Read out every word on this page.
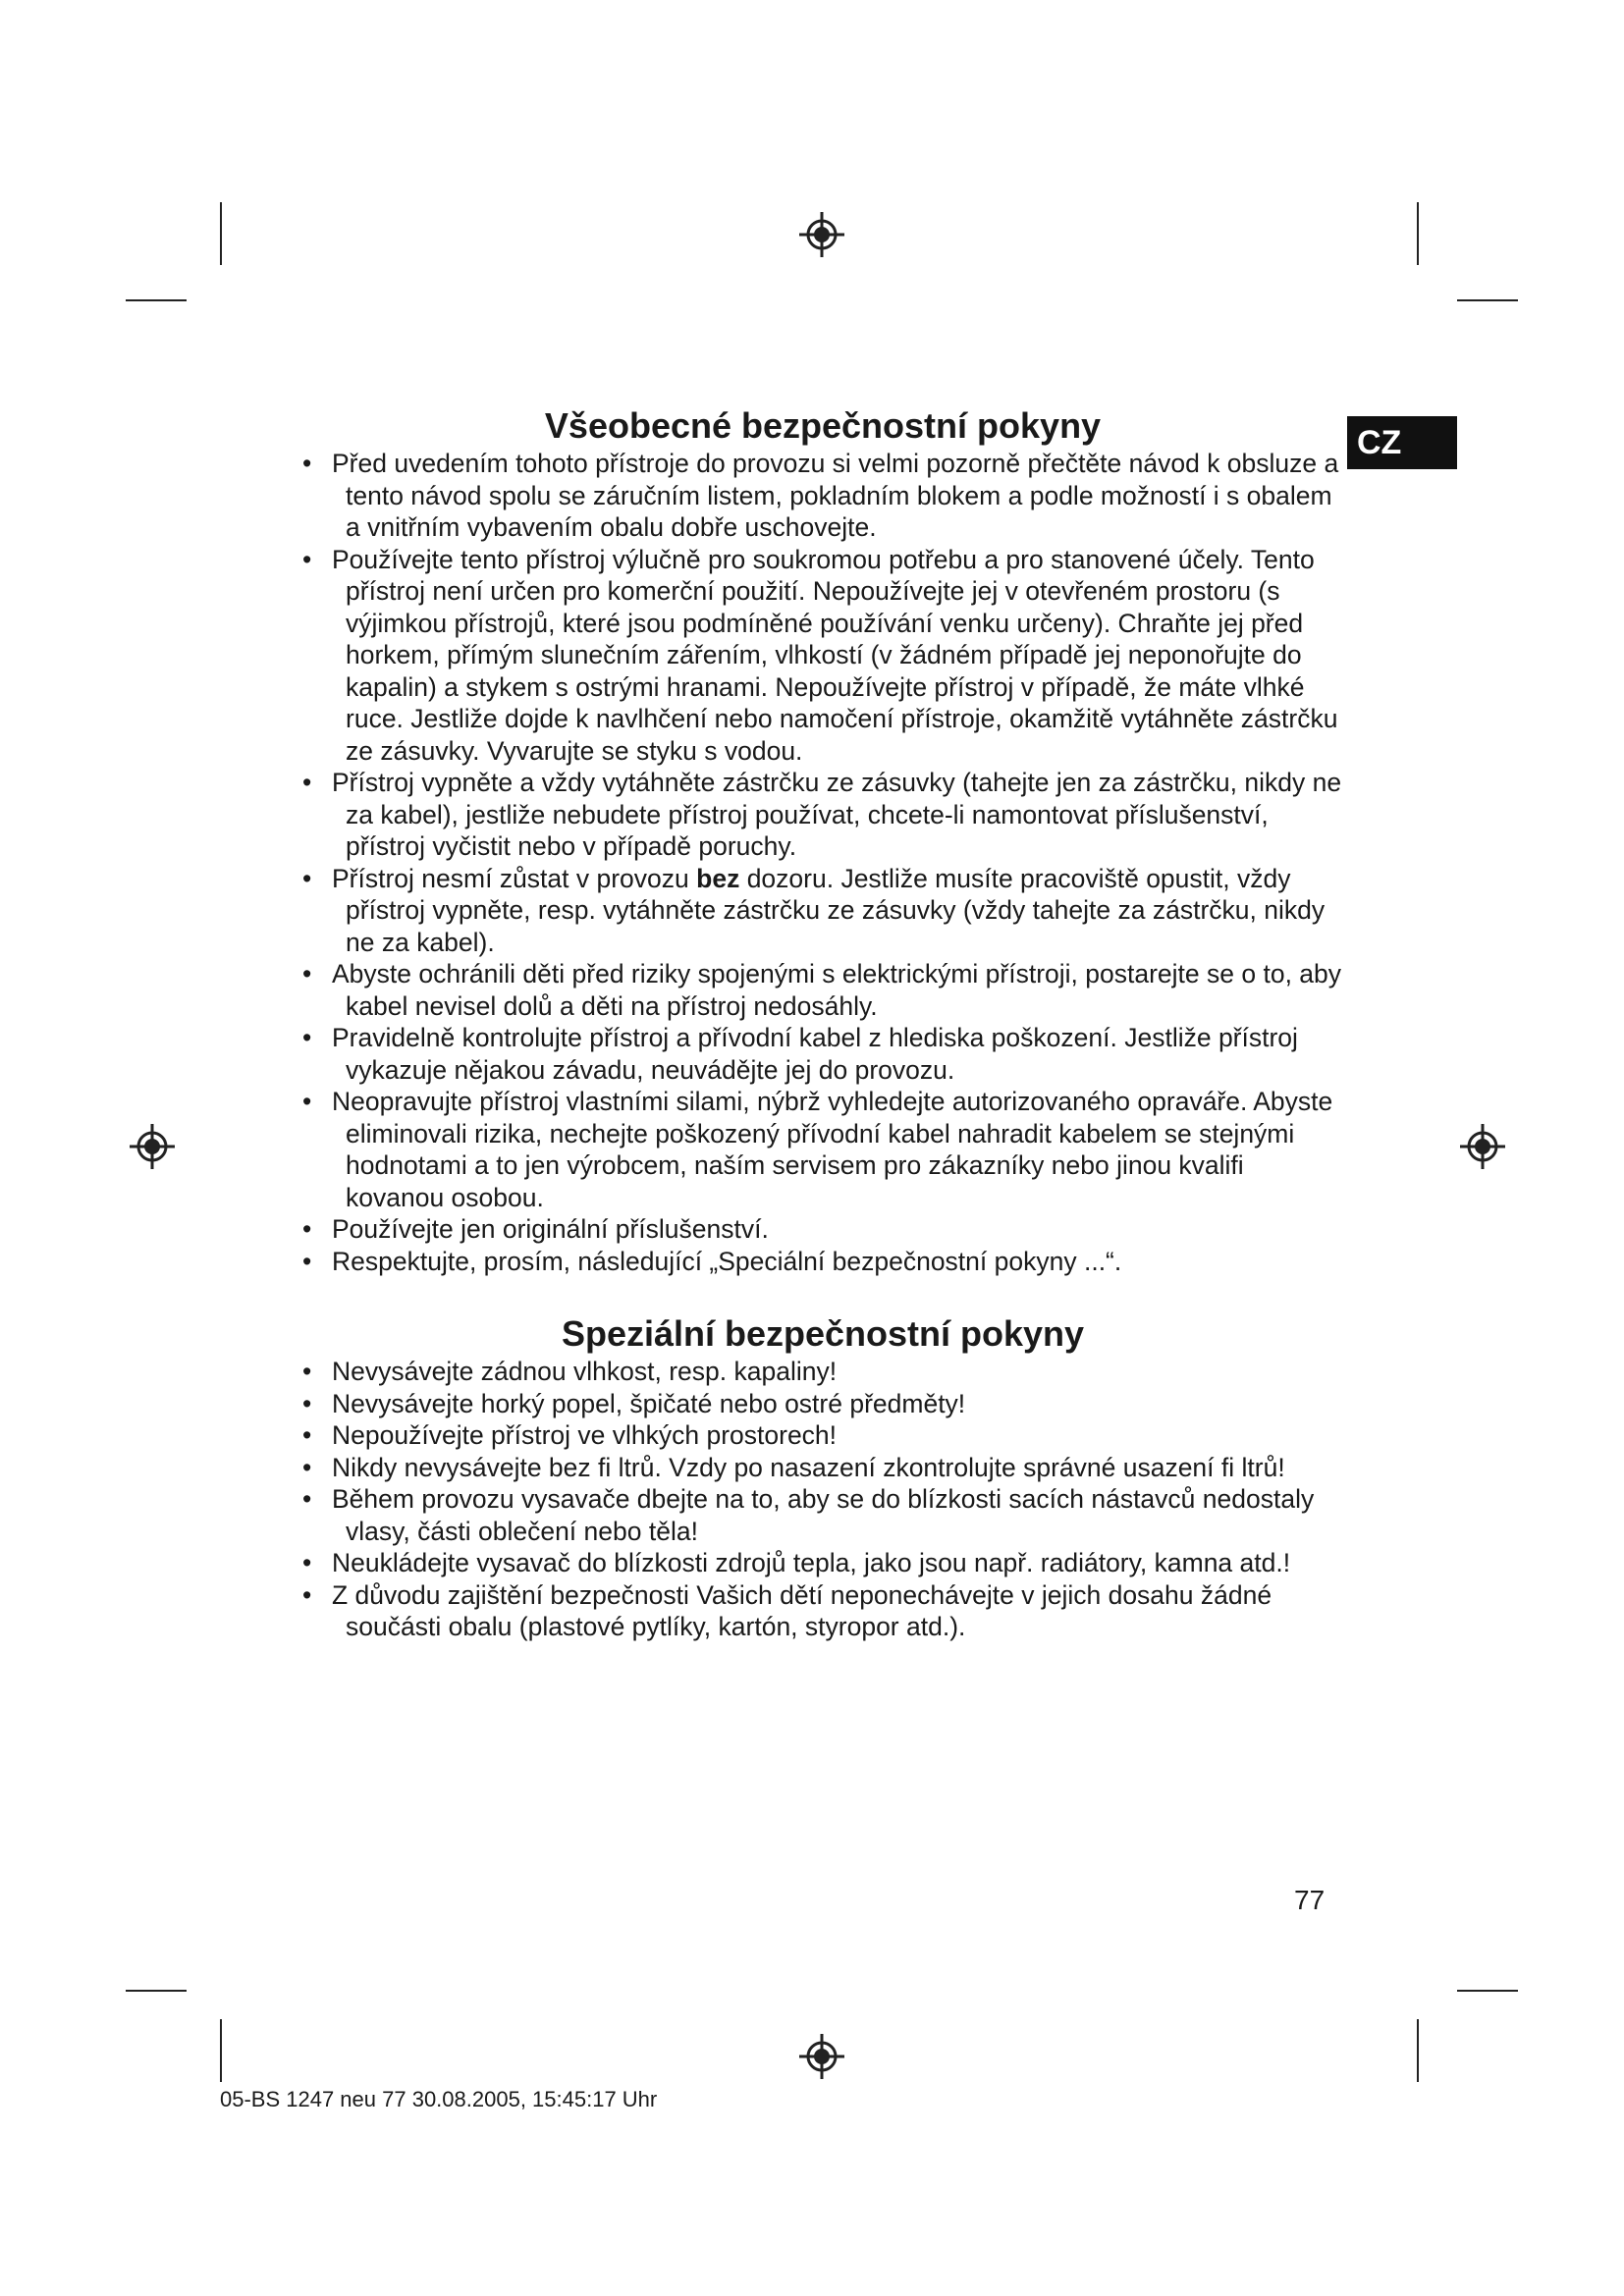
CZ
Všeobecné bezpečnostní pokyny
• Před uvedením tohoto přístroje do provozu si velmi pozorně přečtěte návod k obsluze a tento návod spolu se záručním listem, pokladním blokem a podle možností i s obalem a vnitřním vybavením obalu dobře uschovejte.
• Používejte tento přístroj výlučně pro soukromou potřebu a pro stanovené účely. Tento přístroj není určen pro komerční použití. Nepoužívejte jej v otevřeném prostoru (s výjimkou přístrojů, které jsou podmíněné používání venku určeny). Chraňte jej před horkem, přímým slunečním zářením, vlhkostí (v žádném případě jej neponořujte do kapalin) a stykem s ostrými hranami. Nepoužívejte přístroj v případě, že máte vlhké ruce. Jestliže dojde k navlhčení nebo namočení přístroje, okamžitě vytáhněte zástrčku ze zásuvky. Vyvarujte se styku s vodou.
• Přístroj vypněte a vždy vytáhněte zástrčku ze zásuvky (tahejte jen za zástrčku, nikdy ne za kabel), jestliže nebudete přístroj používat, chcete-li namontovat příslušenství, přístroj vyčistit nebo v případě poruchy.
• Přístroj nesmí zůstat v provozu bez dozoru. Jestliže musíte pracoviště opustit, vždy přístroj vypněte, resp. vytáhněte zástrčku ze zásuvky (vždy tahejte za zástrčku, nikdy ne za kabel).
• Abyste ochránili děti před riziky spojenými s elektrickými přístroji, postarejte se o to, aby kabel nevisel dolů a děti na přístroj nedosáhly.
• Pravidelně kontrolujte přístroj a přívodní kabel z hlediska poškození. Jestliže přístroj vykazuje nějakou závadu, neuvádějte jej do provozu.
• Neopravujte přístroj vlastními silami, nýbrž vyhledejte autorizovaného opraváře. Abyste eliminovali rizika, nechejte poškozený přívodní kabel nahradit kabelem se stejnými hodnotami a to jen výrobcem, naším servisem pro zákazníky nebo jinou kvalifi kovanou osobou.
• Používejte jen originální příslušenství.
• Respektujte, prosím, následující „Speciální bezpečnostní pokyny ...“.
Speziální bezpečnostní pokyny
• Nevysávejte zádnou vlhkost, resp. kapaliny!
• Nevysávejte horký popel, špičaté nebo ostré předměty!
• Nepoužívejte přístroj ve vlhkých prostorech!
• Nikdy nevysávejte bez fi ltrů. Vzdy po nasazení zkontrolujte správné usazení fi ltrů!
• Během provozu vysavače dbejte na to, aby se do blízkosti sacích nástavců nedostaly vlasy, části oblečení nebo těla!
• Neukládejte vysavač do blízkosti zdrojů tepla, jako jsou např. radiátory, kamna atd.!
• Z důvodu zajištění bezpečnosti Vašich dětí neponechávejte v jejich dosahu žádné součásti obalu (plastové pytlíky, kartón, styropor atd.).
77
05-BS 1247 neu 77 30.08.2005, 15:45:17 Uhr
